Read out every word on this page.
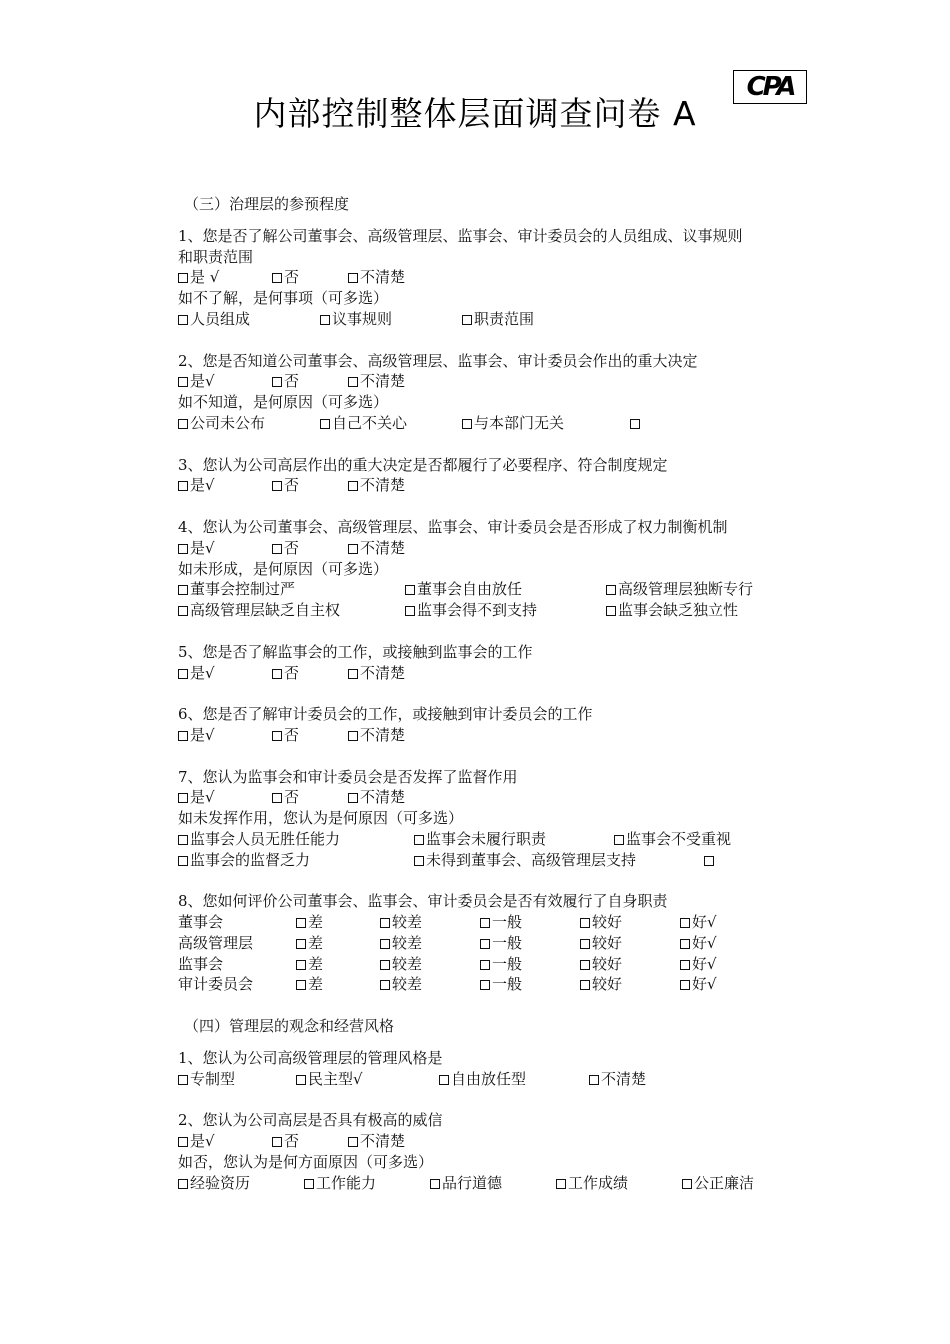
内部控制整体层面调查问卷 A
CPA
（三）治理层的参预程度
1、您是否了解公司董事会、高级管理层、监事会、审计委员会的人员组成、议事规则
和职责范围
是 √	否	不清楚
如不了解，是何事项（可多选）
人员组成	议事规则	职责范围
2、您是否知道公司董事会、高级管理层、监事会、审计委员会作出的重大决定
是√	否	不清楚
如不知道，是何原因（可多选）
公司未公布	自己不关心	与本部门无关
3、您认为公司高层作出的重大决定是否都履行了必要程序、符合制度规定
是√	否	不清楚
4、您认为公司董事会、高级管理层、监事会、审计委员会是否形成了权力制衡机制
是√	否	不清楚
如未形成，是何原因（可多选）
董事会控制过严	董事会自由放任	高级管理层独断专行
高级管理层缺乏自主权	监事会得不到支持	监事会缺乏独立性
5、您是否了解监事会的工作，或接触到监事会的工作
是√	否	不清楚
6、您是否了解审计委员会的工作，或接触到审计委员会的工作
是√	否	不清楚
7、您认为监事会和审计委员会是否发挥了监督作用
是√	否	不清楚
如未发挥作用，您认为是何原因（可多选）
监事会人员无胜任能力	监事会未履行职责	监事会不受重视
监事会的监督乏力	未得到董事会、高级管理层支持
8、您如何评价公司董事会、监事会、审计委员会是否有效履行了自身职责
董事会	差	较差	一般	较好	好√
高级管理层	差	较差	一般	较好	好√
监事会	差	较差	一般	较好	好√
审计委员会	差	较差	一般	较好	好√
（四）管理层的观念和经营风格
1、您认为公司高级管理层的管理风格是
专制型	民主型√	自由放任型	不清楚
2、您认为公司高层是否具有极高的威信
是√	否	不清楚
如否，您认为是何方面原因（可多选）
经验资历	工作能力	品行道德	工作成绩	公正廉洁
